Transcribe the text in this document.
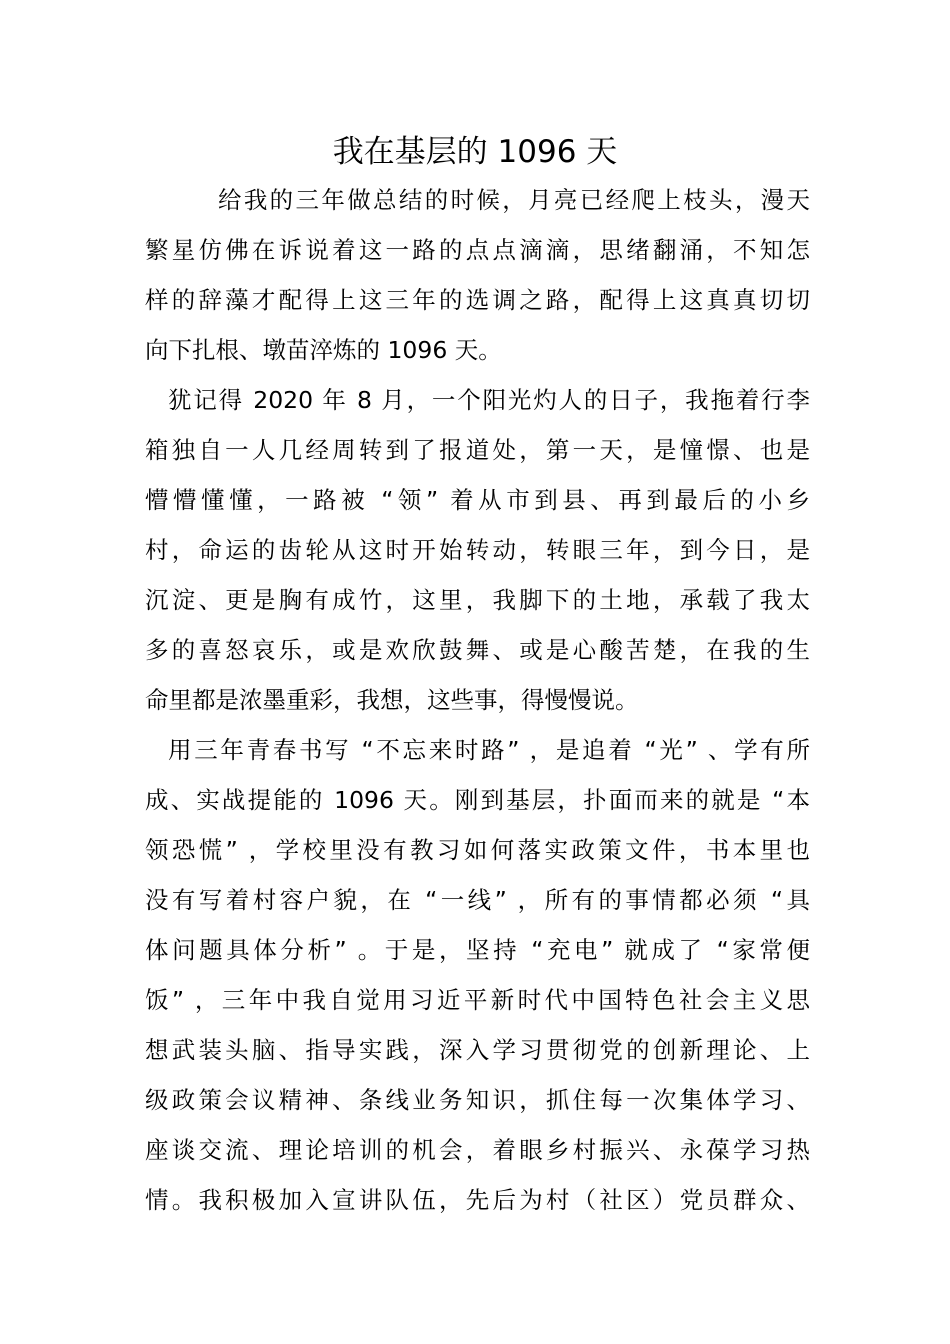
我在基层的 1096 天

给我的三年做总结的时候，月亮已经爬上枝头，漫天

繁星仿佛在诉说着这一路的点点滴滴，思绪翻涌，不知怎

样的辞藻才配得上这三年的选调之路，配得上这真真切切

向下扎根、墩苗淬炼的 1096 天。

犹记得 2020 年 8 月，一个阳光灼人的日子，我拖着行李

箱独自一人几经周转到了报道处，第一天，是憧憬、也是

懵懵懂懂，一路被 “领” 着从市到县、再到最后的小乡

村，命运的齿轮从这时开始转动，转眼三年，到今日，是

沉淀、更是胸有成竹，这里，我脚下的土地，承载了我太

多的喜怒哀乐，或是欢欣鼓舞、或是心酸苦楚，在我的生

命里都是浓墨重彩，我想，这些事，得慢慢说。

用三年青春书写 “不忘来时路” ，是追着 “光” 、学有所

成、实战提能的 1096 天。刚到基层，扑面而来的就是 “本

领恐慌” ，学校里没有教习如何落实政策文件，书本里也

没有写着村容户貌，在 “一线” ，所有的事情都必须 “具

体问题具体分析” 。于是，坚持 “充电” 就成了 “家常便

饭” ，三年中我自觉用习近平新时代中国特色社会主义思

想武装头脑、指导实践，深入学习贯彻党的创新理论、上

级政策会议精神、条线业务知识，抓住每一次集体学习、

座谈交流、理论培训的机会，着眼乡村振兴、永葆学习热

情。我积极加入宣讲队伍，先后为村（社区）党员群众、
